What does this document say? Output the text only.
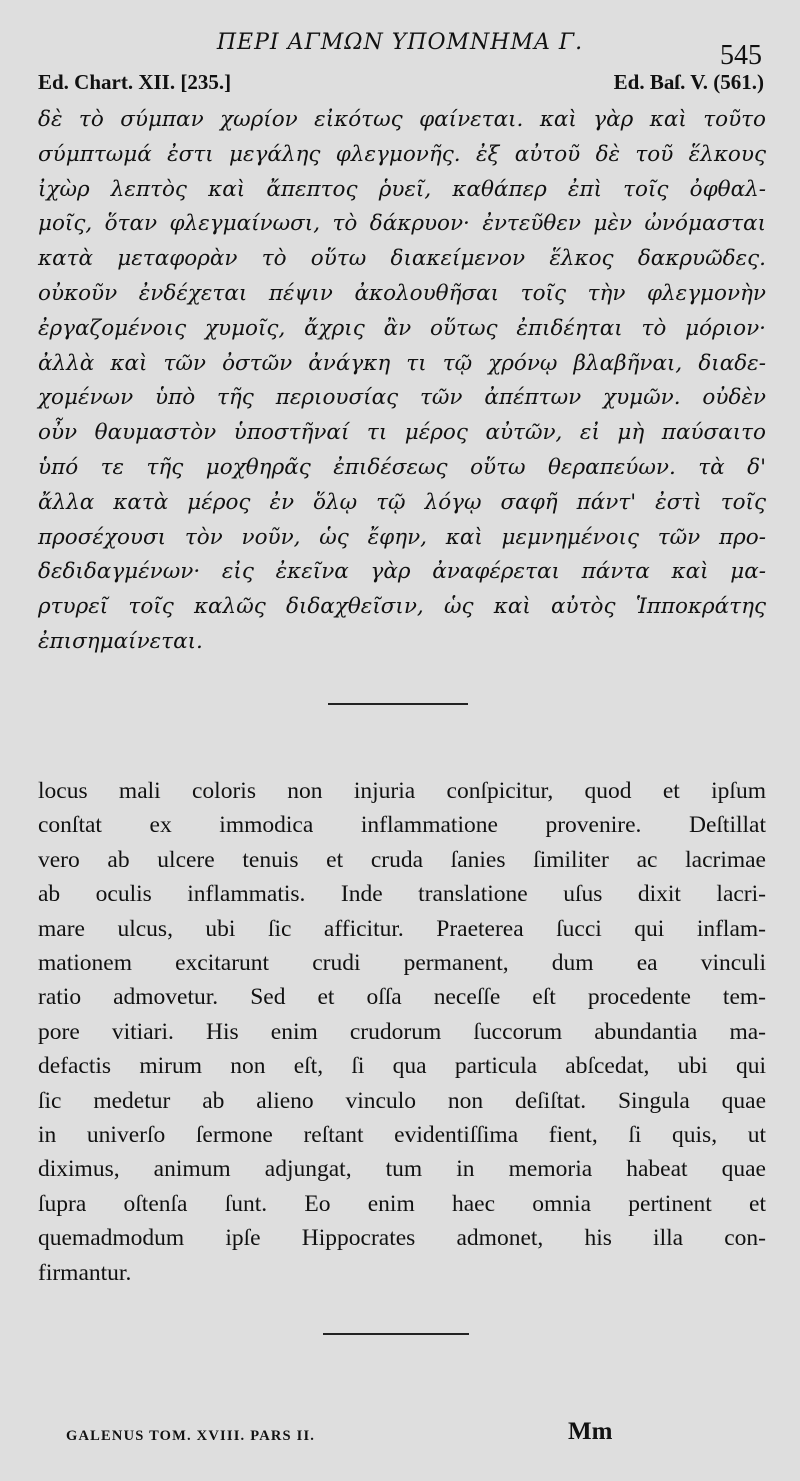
ΠΕΡΙ ΑΓΜΩΝ ΥΠΟΜΝΗΜΑ Γ.	545
Ed. Chart. XII. [235.]	Ed. Baſ. V. (561.)
δὲ τὸ σύμπαν χωρίον εἰκότως φαίνεται. καὶ γὰρ καὶ τοῦτο
σύμπτωμά ἐστι μεγάλης φλεγμονῆς. ἐξ αὐτοῦ δὲ τοῦ ἕλκους
ἰχὼρ λεπτὸς καὶ ἄπεπτος ῥυεῖ, καθάπερ ἐπὶ τοῖς ὀφθαλ-
μοῖς, ὅταν φλεγμαίνωσι, τὸ δάκρυον· ἐντεῦθεν μὲν ὠνόμασται
κατὰ μεταφορὰν τὸ οὕτω διακείμενον ἕλκος δακρυῶδες.
οὐκοῦν ἐνδέχεται πέψιν ἀκολουθῆσαι τοῖς τὴν φλεγμονὴν
ἐργαζομένοις χυμοῖς, ἄχρις ἂν οὕτως ἐπιδέηται τὸ μόριον·
ἀλλὰ καὶ τῶν ὀστῶν ἀνάγκη τι τῷ χρόνῳ βλαβῆναι, διαδε-
χομένων ὑπὸ τῆς περιουσίας τῶν ἀπέπτων χυμῶν. οὐδὲν
οὖν θαυμαστὸν ὑποστῆναί τι μέρος αὐτῶν, εἰ μὴ παύσαιτο
ὑπό τε τῆς μοχθηρᾶς ἐπιδέσεως οὕτω θεραπεύων. τὰ δ'
ἄλλα κατὰ μέρος ἐν ὅλῳ τῷ λόγῳ σαφῆ πάντ' ἐστὶ τοῖς
προσέχουσι τὸν νοῦν, ὡς ἔφην, καὶ μεμνημένοις τῶν προ-
δεδιδαγμένων· εἰς ἐκεῖνα γὰρ ἀναφέρεται πάντα καὶ μα-
ρτυρεῖ τοῖς καλῶς διδαχθεῖσιν, ὡς καὶ αὐτὸς Ἱπποκράτης
ἐπισημαίνεται.
locus mali coloris non injuria conſpicitur, quod et ipſum
conſtat ex immodica inflammatione provenire. Deſtillat
vero ab ulcere tenuis et cruda ſanies ſimiliter ac lacrimae
ab oculis inflammatis. Inde translatione uſus dixit lacri-
mare ulcus, ubi ſic afficitur. Praeterea ſucci qui inflam-
mationem excitarunt crudi permanent, dum ea vinculi
ratio admovetur. Sed et oſſa neceſſe eſt procedente tem-
pore vitiari. His enim crudorum ſuccorum abundantia ma-
defactis mirum non eſt, ſi qua particula abſcedat, ubi qui
ſic medetur ab alieno vinculo non deſiſtat. Singula quae
in univerſo ſermone reſtant evidentiſſima fient, ſi quis, ut
diximus, animum adjungat, tum in memoria habeat quae
ſupra oſtenſa ſunt. Eo enim haec omnia pertinent et
quemadmodum ipſe Hippocrates admonet, his illa con-
firmantur.
GALENUS TOM. XVIII. PARS II.	Mm
